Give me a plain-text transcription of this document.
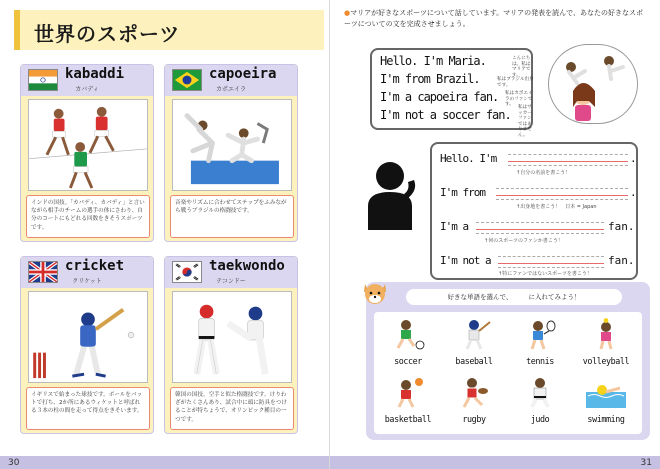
世界のスポーツ
kabaddi
カバディ
インドの国技。「カバディ、カバディ」と言いながら相手のチームの選手の体にさわり、自分のコートにもどれる回数をきそうスポーツです。
capoeira
カポエイラ
音楽やリズムに合わせてステップをふみながら戦うブラジルの格闘技です。
cricket
クリケット
イギリスで始まった球技です。ボールをバットで打ち、2か所にあるウィケットと呼ばれる３本の柱の間を走って得点をきそいます。
taekwondo
テコンドー
韓国の国技。空手と似た格闘技です。けりわざがたくさんあり、試合中に頭に防具をつけることが特ちょうで、オリンピック種目の一つです。
30
●マリアが好きなスポーツについて話しています。マリアの発表を読んで、あなたの好きなスポーツについての文を完成させましょう。
Hello. I'm Maria.	こんにちは。私はマリアです。
I'm from Brazil.	私はブラジル出身です。
I'm a capoeira fan. 私はカポエイラのファンです。
I'm not a soccer fan.
私はサッカーファンではありません。
Hello. I'm	.
↑自分の名前を書こう！
I'm from	.
↑出身地を書こう！　日本 = Japan
I'm a	fan.
↑何のスポーツのファンか書こう！
I'm not a	fan.
↑特にファンではないスポーツを書こう！
好きな単語を選んで、　　　に入れてみよう！
soccer	baseball	tennis	volleyball
basketball	rugby	judo	swimming
31
